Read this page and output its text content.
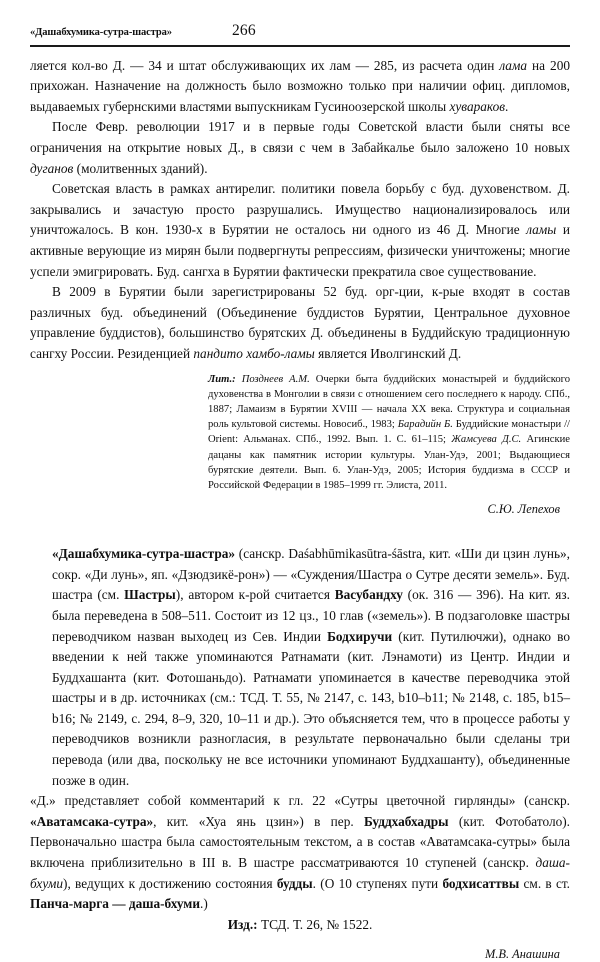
«Дашабхумика-сутра-шастра»	266

ляется кол-во Д. — 34 и штат обслуживающих их лам — 285, из расчета один лама на 200 прихожан. Назначение на должность было возможно только при наличии офиц. дипломов, выдаваемых губернскими властями выпускникам Гусиноозерской школы хувараков.

После Февр. революции 1917 и в первые годы Советской власти были сняты все ограничения на открытие новых Д., в связи с чем в Забайкалье было заложено 10 новых дуганов (молитвенных зданий).

Советская власть в рамках антирелиг. политики повела борьбу с буд. духовенством. Д. закрывались и зачастую просто разрушались. Имущество национализировалось или уничтожалось. В кон. 1930-х в Бурятии не осталось ни одного из 46 Д. Многие ламы и активные верующие из мирян были подвергнуты репрессиям, физически уничтожены; многие успели эмигрировать. Буд. сангха в Бурятии фактически прекратила свое существование.

В 2009 в Бурятии были зарегистрированы 52 буд. орг-ции, к-рые входят в состав различных буд. объединений (Объединение буддистов Бурятии, Центральное духовное управление буддистов), большинство бурятских Д. объединены в Буддийскую традиционную сангху России. Резиденцией пандито хамбо-ламы является Иволгинский Д.

Лит.: Позднеев А.М. Очерки быта буддийских монастырей и буддийского духовенства в Монголии в связи с отношением сего последнего к народу. СПб., 1887; Ламаизм в Бурятии XVIII — начала XX века. Структура и социальная роль культовой системы. Новосиб., 1983; Барадийн Б. Буддийские монастыри // Orient: Альманах. СПб., 1992. Вып. 1. С. 61–115; Жамсуева Д.С. Агинские дацаны как памятник истории культуры. Улан-Удэ, 2001; Выдающиеся бурятские деятели. Вып. 6. Улан-Удэ, 2005; История буддизма в СССР и Российской Федерации в 1985–1999 гг. Элиста, 2011.

С.Ю. Лепехов

«Дашабхумика-сутра-шастра» (санскр. Daśabhūmikasūtra-śāstra, кит. «Ши ди цзин лунь», сокр. «Ди лунь», яп. «Дзюдзикё-рон») — «Суждения/Шастра о Сутре десяти земель». Буд. шастра (см. Шастры), автором к-рой считается Васубандху (ок. 316 — 396). На кит. яз. была переведена в 508–511. Состоит из 12 цз., 10 глав («земель»). В подзаголовке шастры переводчиком назван выходец из Сев. Индии Бодхиручи (кит. Путилючжи), однако во введении к ней также упоминаются Ратнамати (кит. Лэнамоти) из Центр. Индии и Буддхашанта (кит. Фотошаньдо). Ратнамати упоминается в качестве переводчика этой шастры и в др. источниках (см.: ТСД. Т. 55, № 2147, с. 143, b10–b11; № 2148, с. 185, b15–b16; № 2149, с. 294, 8–9, 320, 10–11 и др.). Это объясняется тем, что в процессе работы у переводчиков возникли разногласия, в результате первоначально были сделаны три перевода (или два, поскольку не все источники упоминают Буддхашанту), объединенные позже в один.

«Д.» представляет собой комментарий к гл. 22 «Сутры цветочной гирлянды» (санскр. «Аватамсака-сутра», кит. «Хуа янь цзин») в пер. Буддхабхадры (кит. Фотобатоло). Первоначально шастра была самостоятельным текстом, а в состав «Аватамсака-сутры» была включена приблизительно в III в. В шастре рассматриваются 10 ступеней (санскр. даша-бхуми), ведущих к достижению состояния будды. (О 10 ступенях пути бодхисаттвы см. в ст. Панча-марга — даша-бхуми.)

Изд.: ТСД. Т. 26, № 1522.

М.В. Анашина
